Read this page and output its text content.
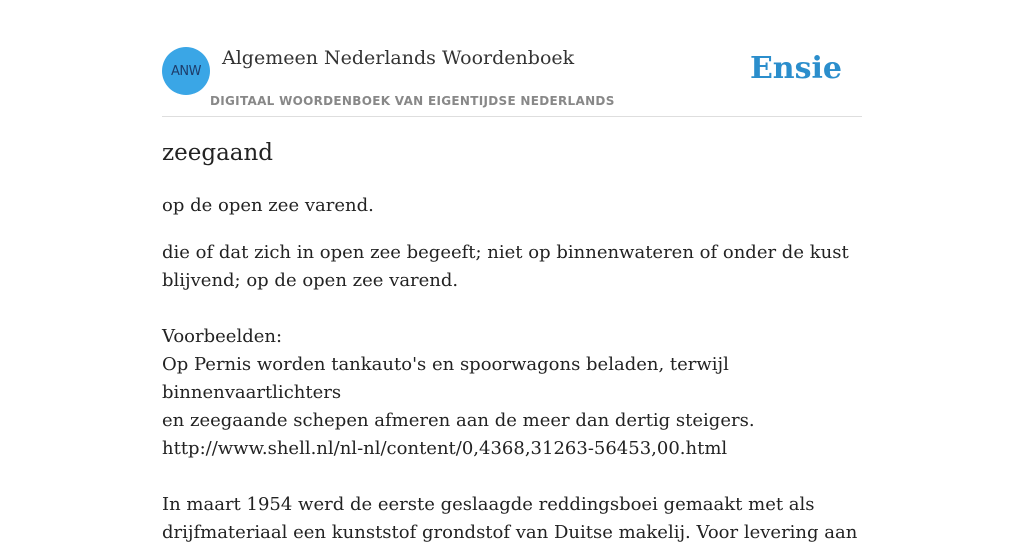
ANW
Algemeen Nederlands Woordenboek
DIGITAAL WOORDENBOEK VAN EIGENTIJDSE NEDERLANDS
Ensie
zeegaand
op de open zee varend.

die of dat zich in open zee begeeft; niet op binnenwateren of onder de kust

blijvend; op de open zee varend.

Voorbeelden:

Op Pernis worden tankauto's en spoorwagons beladen, terwijl binnenvaartlichters

en zeegaande schepen afmeren aan de meer dan dertig steigers.

http://www.shell.nl/nl-nl/content/0,4368,31263-56453,00.html

In maart 1954 werd de eerste geslaagde reddingsboei gemaakt met als

drijfmateriaal een kunststof grondstof van Duitse makelij. Voor levering aan
